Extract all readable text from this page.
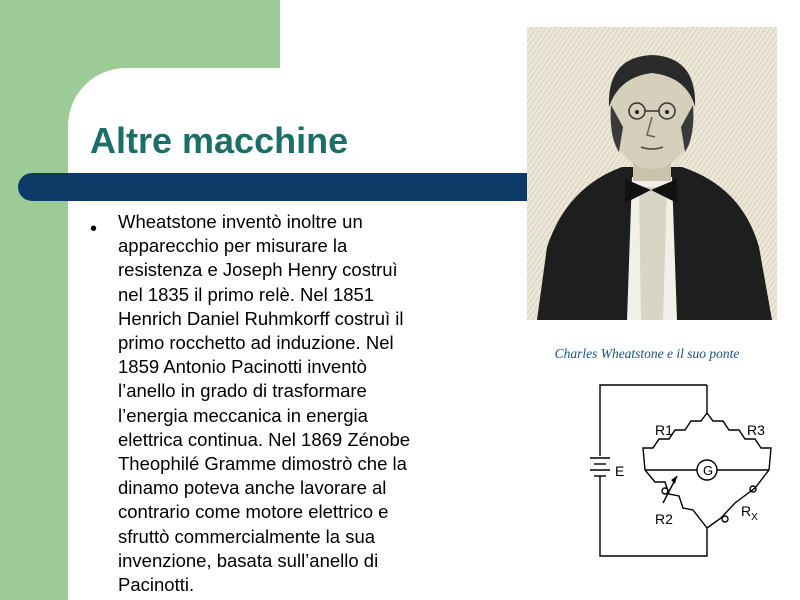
Altre macchine
• Wheatstone inventò inoltre un
apparecchio per misurare la
resistenza e Joseph Henry costruì
nel 1835 il primo relè. Nel 1851
Henrich Daniel Ruhmkorff costruì il
primo rocchetto ad induzione. Nel
1859 Antonio Pacinotti inventò
l’anello in grado di trasformare
l’energia meccanica in energia
elettrica continua. Nel 1869 Zénobe
Theophilé Gramme dimostrò che la
dinamo poteva anche lavorare al
contrario come motore elettrico e
sfruttò commercialmente la sua
invenzione, basata sull’anello di
Pacinotti.

Charles Wheatstone e il suo ponte

G
E
R1	R3
R2	$R_X$
